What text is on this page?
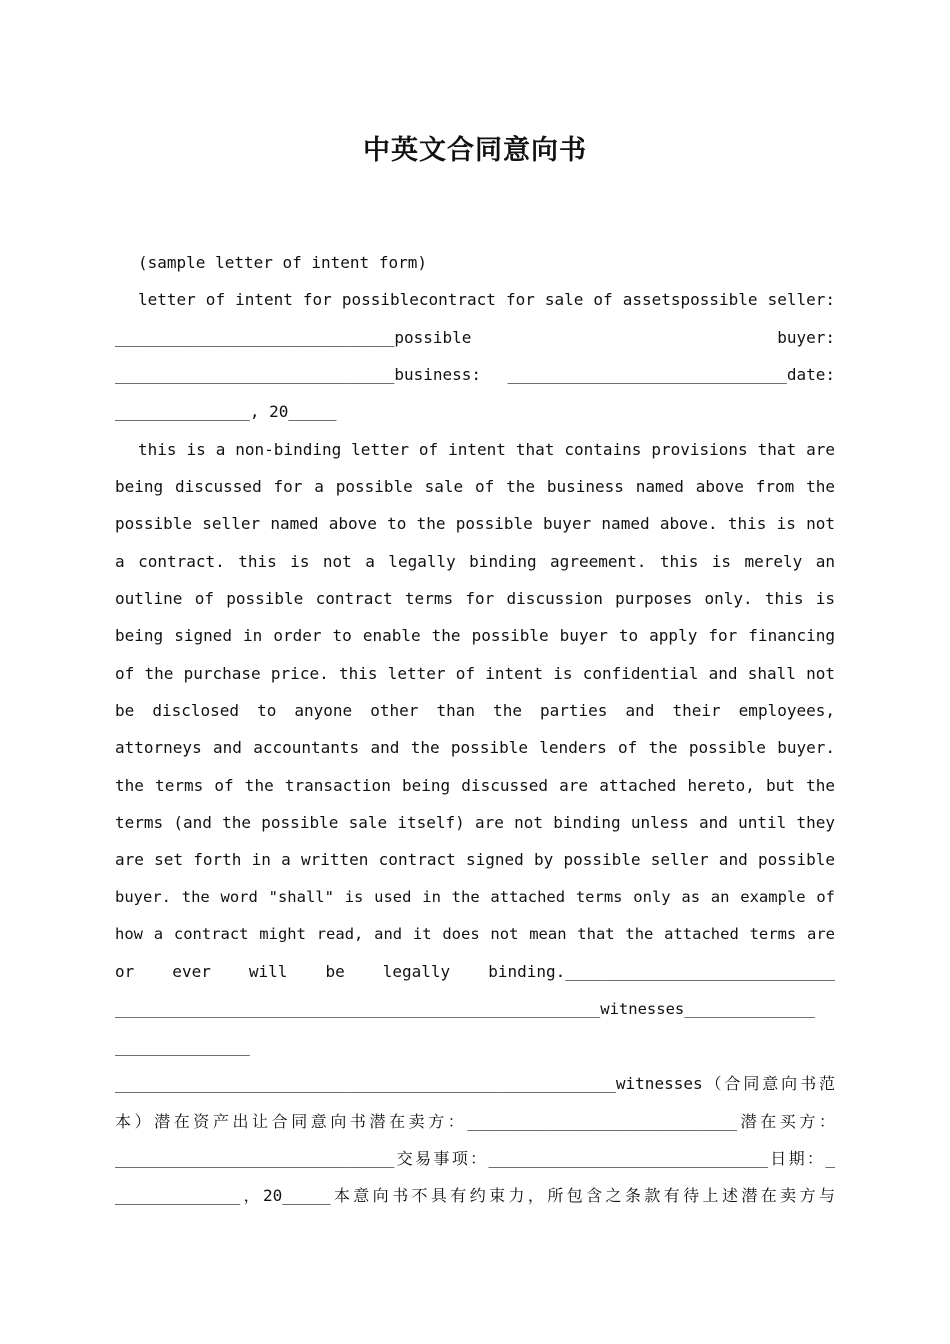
中英文合同意向书
(sample letter of intent form)
letter of intent for possiblecontract for sale of assetspossible seller:
_____________________________possible buyer:
_____________________________business: _____________________________date:
______________, 20_____
this is a non-binding letter of intent that contains provisions that are
being discussed for a possible sale of the business named above from the
possible seller named above to the possible buyer named above. this is not
a contract. this is not a legally binding agreement. this is merely an
outline of possible contract terms for discussion purposes only. this is
being signed in order to enable the possible buyer to apply for financing
of the purchase price. this letter of intent is confidential and shall not
be disclosed to anyone other than the parties and their employees,
attorneys and accountants and the possible lenders of the possible buyer.
the terms of the transaction being discussed are attached hereto, but the
terms (and the possible sale itself) are not binding unless and until they
are set forth in a written contract signed by possible seller and possible
buyer. the word "shall" is used in the attached terms only as an example of
how a contract might read, and it does not mean that the attached terms are
or ever will be legally binding.____________________________
____________________________________________________witnesses______________
______________
____________________________________________________witnesses（合同意向书范
本）潜在资产出让合同意向书潜在卖方：____________________________潜在买方：
_____________________________交易事项：_____________________________日期：_
_____________，20_____本意向书不具有约束力，所包含之条款有待上述潜在卖方与
